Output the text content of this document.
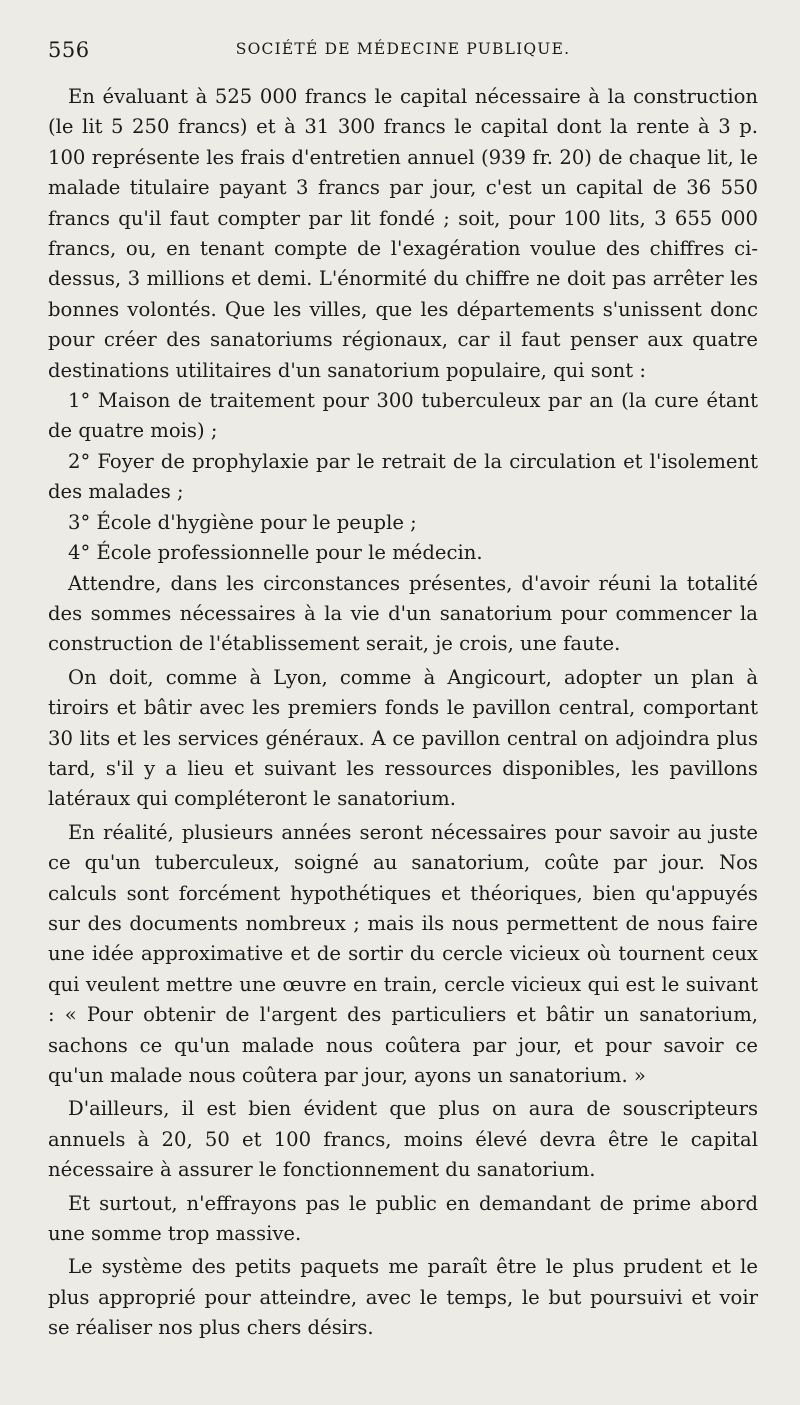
556	SOCIÉTÉ DE MÉDECINE PUBLIQUE.

En évaluant à 525 000 francs le capital nécessaire à la construction (le lit 5 250 francs) et à 31 300 francs le capital dont la rente à 3 p. 100 représente les frais d'entretien annuel (939 fr. 20) de chaque lit, le malade titulaire payant 3 francs par jour, c'est un capital de 36 550 francs qu'il faut compter par lit fondé ; soit, pour 100 lits, 3 655 000 francs, ou, en tenant compte de l'exagération voulue des chiffres ci-dessus, 3 millions et demi. L'énormité du chiffre ne doit pas arrêter les bonnes volontés. Que les villes, que les départements s'unissent donc pour créer des sanatoriums régionaux, car il faut penser aux quatre destinations utilitaires d'un sanatorium populaire, qui sont :

1° Maison de traitement pour 300 tuberculeux par an (la cure étant de quatre mois) ;

2° Foyer de prophylaxie par le retrait de la circulation et l'isolement des malades ;

3° École d'hygiène pour le peuple ;

4° École professionnelle pour le médecin.

Attendre, dans les circonstances présentes, d'avoir réuni la totalité des sommes nécessaires à la vie d'un sanatorium pour commencer la construction de l'établissement serait, je crois, une faute.

On doit, comme à Lyon, comme à Angicourt, adopter un plan à tiroirs et bâtir avec les premiers fonds le pavillon central, comportant 30 lits et les services généraux. A ce pavillon central on adjoindra plus tard, s'il y a lieu et suivant les ressources disponibles, les pavillons latéraux qui compléteront le sanatorium.

En réalité, plusieurs années seront nécessaires pour savoir au juste ce qu'un tuberculeux, soigné au sanatorium, coûte par jour. Nos calculs sont forcément hypothétiques et théoriques, bien qu'appuyés sur des documents nombreux ; mais ils nous permettent de nous faire une idée approximative et de sortir du cercle vicieux où tournent ceux qui veulent mettre une œuvre en train, cercle vicieux qui est le suivant : « Pour obtenir de l'argent des particuliers et bâtir un sanatorium, sachons ce qu'un malade nous coûtera par jour, et pour savoir ce qu'un malade nous coûtera par jour, ayons un sanatorium. »

D'ailleurs, il est bien évident que plus on aura de souscripteurs annuels à 20, 50 et 100 francs, moins élevé devra être le capital nécessaire à assurer le fonctionnement du sanatorium.

Et surtout, n'effrayons pas le public en demandant de prime abord une somme trop massive.

Le système des petits paquets me paraît être le plus prudent et le plus approprié pour atteindre, avec le temps, le but poursuivi et voir se réaliser nos plus chers désirs.
